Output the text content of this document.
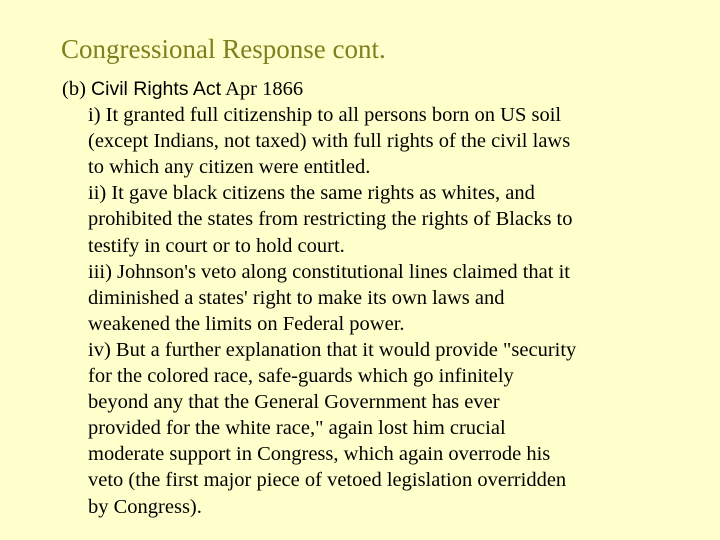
Congressional Response cont.
(b) Civil Rights Act Apr 1866
i) It granted full citizenship to all persons born on US soil
(except Indians, not taxed) with full rights of the civil laws
to which any citizen were entitled.
ii) It gave black citizens the same rights as whites, and
prohibited the states from restricting the rights of Blacks to
testify in court or to hold court.
iii) Johnson's veto along constitutional lines claimed that it
diminished a states' right to make its own laws and
weakened the limits on Federal power.
iv) But a further explanation that it would provide "security
for the colored race, safe-guards which go infinitely
beyond any that the General Government has ever
provided for the white race," again lost him crucial
moderate support in Congress, which again overrode his
veto (the first major piece of vetoed legislation overridden
by Congress).
